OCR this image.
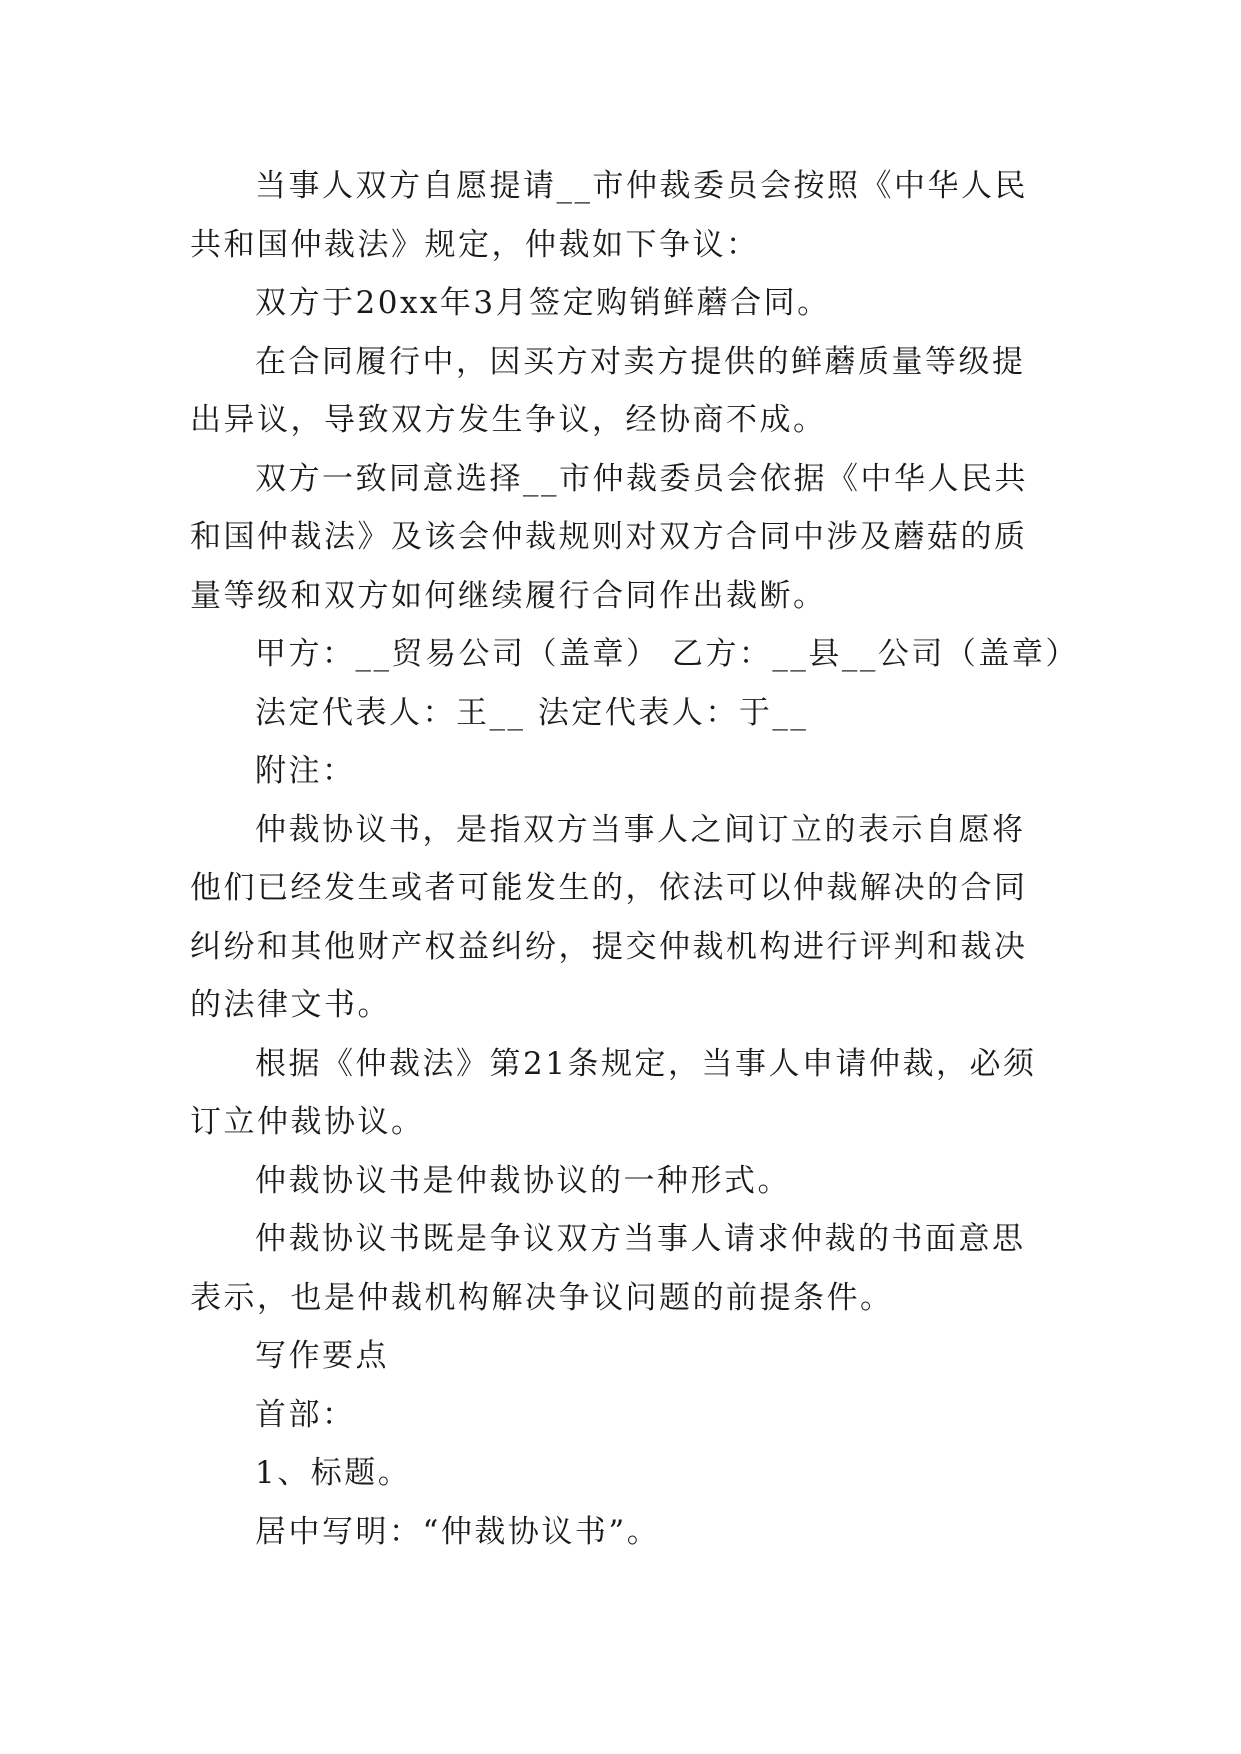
当事人双方自愿提请__市仲裁委员会按照《中华人民共和国仲裁法》规定，仲裁如下争议：

双方于20xx年3月签定购销鲜蘑合同。

在合同履行中，因买方对卖方提供的鲜蘑质量等级提出异议，导致双方发生争议，经协商不成。

双方一致同意选择__市仲裁委员会依据《中华人民共和国仲裁法》及该会仲裁规则对双方合同中涉及蘑菇的质量等级和双方如何继续履行合同作出裁断。

甲方：__贸易公司（盖章） 乙方：__县__公司（盖章）

法定代表人：王__ 法定代表人：于__

附注：

仲裁协议书，是指双方当事人之间订立的表示自愿将他们已经发生或者可能发生的，依法可以仲裁解决的合同纠纷和其他财产权益纠纷，提交仲裁机构进行评判和裁决的法律文书。

根据《仲裁法》第21条规定，当事人申请仲裁，必须订立仲裁协议。

仲裁协议书是仲裁协议的一种形式。

仲裁协议书既是争议双方当事人请求仲裁的书面意思表示，也是仲裁机构解决争议问题的前提条件。

写作要点

首部：

1、标题。

居中写明：“仲裁协议书”。
